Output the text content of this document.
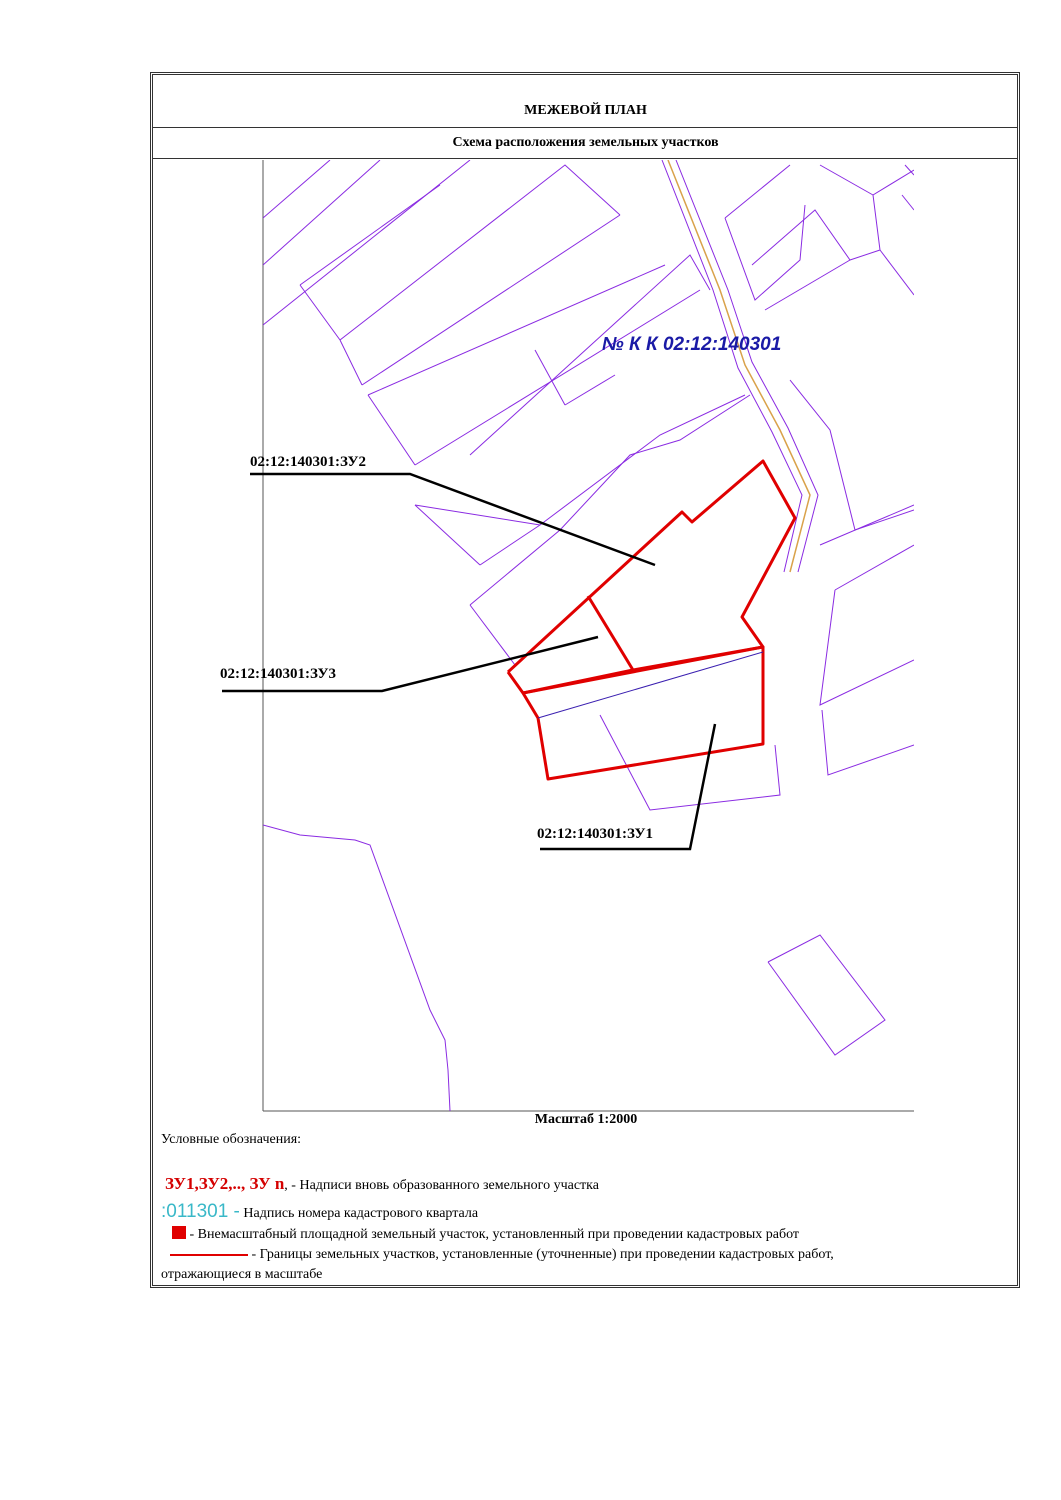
МЕЖЕВОЙ ПЛАН
Схема расположения земельных участков
02:12:140301:ЗУ2
02:12:140301:ЗУ3
02:12:140301:ЗУ1
№ К К 02:12:140301
Масштаб 1:2000
Условные обозначения:
ЗУ1,ЗУ2,.., ЗУ n, - Надписи вновь образованного земельного участка
:011301 - Надпись номера кадастрового квартала
- Внемасштабный площадной земельный участок, установленный при проведении кадастровых работ
- Границы земельных участков, установленные (уточненные) при проведении кадастровых работ,
отражающиеся в масштабе
